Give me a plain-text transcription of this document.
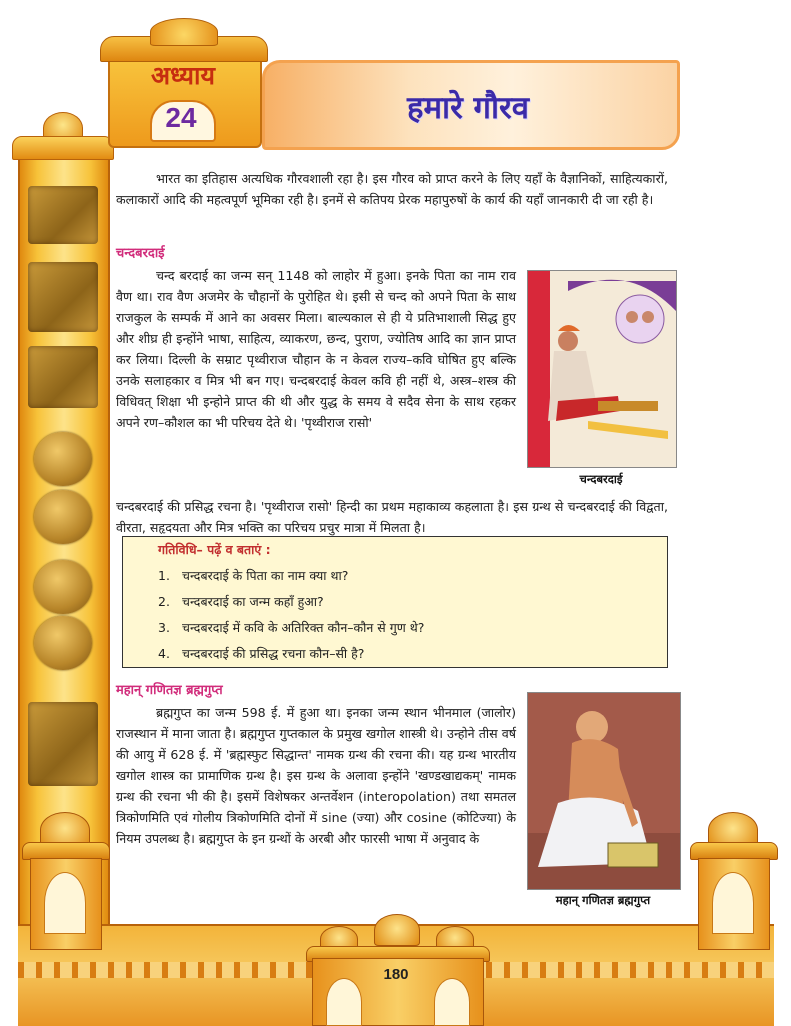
अध्याय
24	हमारे गौरव
भारत का इतिहास अत्यधिक गौरवशाली रहा है। इस गौरव को प्राप्त करने के लिए यहाँ के वैज्ञानिकों, साहित्यकारों, कलाकारों आदि की महत्वपूर्ण भूमिका रही है। इनमें से कतिपय प्रेरक महापुरुषों के कार्य की यहाँ जानकारी दी जा रही है।
चन्दबरदाई
चन्द बरदाई का जन्म सन् 1148 को लाहोर में हुआ। इनके पिता का नाम राव वैण था। राव वैण अजमेर के चौहानों के पुरोहित थे। इसी से चन्द को अपने पिता के साथ राजकुल के सम्पर्क में आने का अवसर मिला। बाल्यकाल से ही ये प्रतिभाशाली सिद्ध हुए और शीघ्र ही इन्होंने भाषा, साहित्य, व्याकरण, छन्द, पुराण, ज्योतिष आदि का ज्ञान प्राप्त कर लिया। दिल्ली के सम्राट पृथ्वीराज चौहान के न केवल राज्य–कवि घोषित हुए बल्कि उनके सलाहकार व मित्र भी बन गए। चन्दबरदाई केवल कवि ही नहीं थे, अस्त्र–शस्त्र की विधिवत् शिक्षा भी इन्होने प्राप्त की थी और युद्ध के समय वे सदैव सेना के साथ रहकर अपने रण–कौशल का भी परिचय देते थे। 'पृथ्वीराज रासो'
चन्दबरदाई की प्रसिद्ध रचना है। 'पृथ्वीराज रासो' हिन्दी का प्रथम महाकाव्य कहलाता है। इस ग्रन्थ से चन्दबरदाई की विद्वता, वीरता, सहृदयता और मित्र भक्ति का परिचय प्रचुर मात्रा में मिलता है।
चन्दबरदाई
गतिविधि– पढ़ें व बताएं :
1. चन्दबरदाई के पिता का नाम क्या था?
2. चन्दबरदाई का जन्म कहाँ हुआ?
3. चन्दबरदाई में कवि के अतिरिक्त कौन–कौन से गुण थे?
4. चन्दबरदाई की प्रसिद्ध रचना कौन–सी है?
महान् गणितज्ञ ब्रह्मगुप्त
ब्रह्मगुप्त का जन्म 598 ई. में हुआ था। इनका जन्म स्थान भीनमाल (जालोर) राजस्थान में माना जाता है। ब्रह्मगुप्त गुप्तकाल के प्रमुख खगोल शास्त्री थे। उन्होने तीस वर्ष की आयु में 628 ई. में 'ब्रह्मस्फुट सिद्धान्त' नामक ग्रन्थ की रचना की। यह ग्रन्थ भारतीय खगोल शास्त्र का प्रामाणिक ग्रन्थ है। इस ग्रन्थ के अलावा इन्होंने 'खण्डखाद्यकम्' नामक ग्रन्थ की रचना भी की है। इसमें विशेषकर अन्तर्वेशन (interopolation) तथा समतल त्रिकोणमिति एवं गोलीय त्रिकोणमिति दोनों में sine (ज्या) और cosine (कोटिज्या) के नियम उपलब्ध है। ब्रह्मगुप्त के इन ग्रन्थों के अरबी और फारसी भाषा में अनुवाद के
महान् गणितज्ञ ब्रह्मगुप्त
180
